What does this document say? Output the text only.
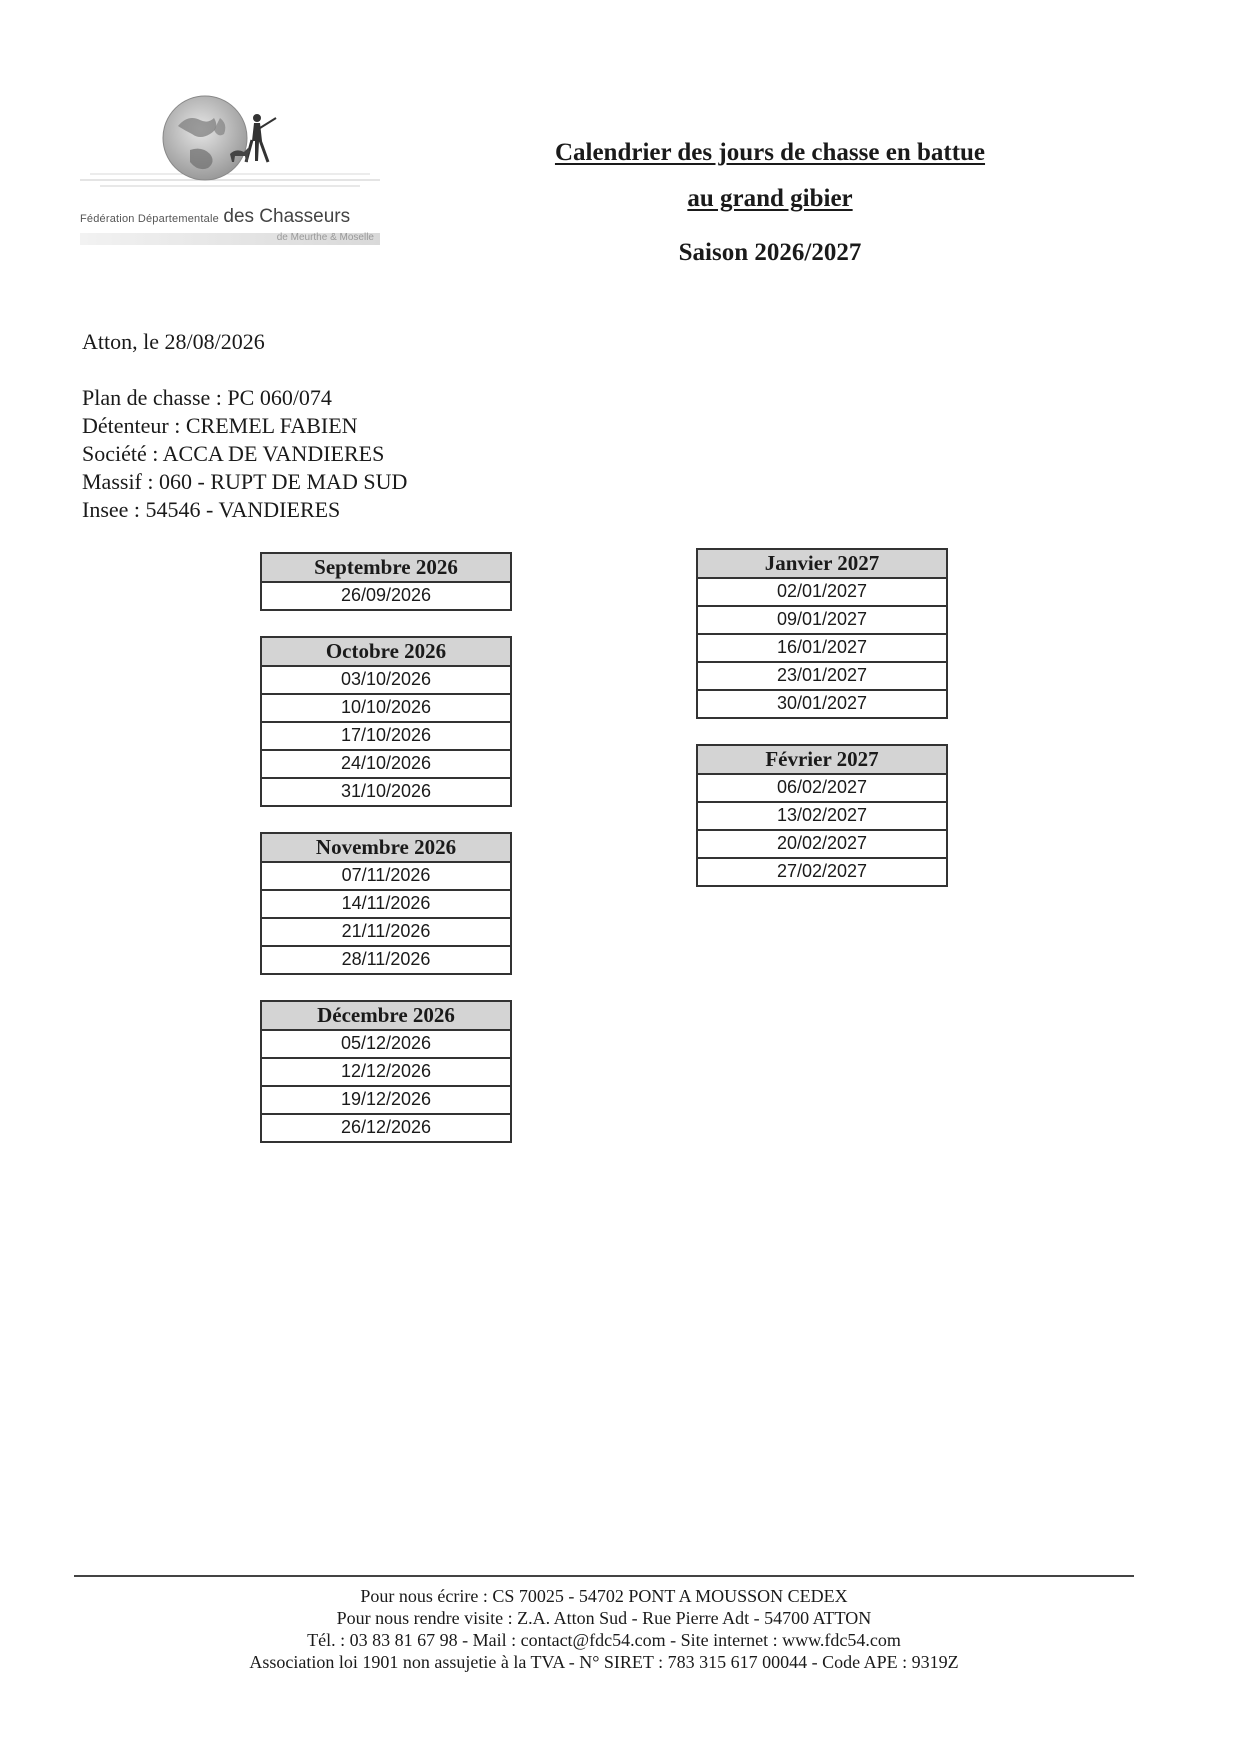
Fédération Départementale des Chasseurs
de Meurthe & Moselle
Calendrier des jours de chasse en battue
au grand gibier
Saison 2026/2027
Atton, le 28/08/2026
Plan de chasse : PC 060/074
Détenteur : CREMEL FABIEN
Société : ACCA DE VANDIERES
Massif : 060 - RUPT DE MAD SUD
Insee : 54546 - VANDIERES
Septembre 2026
26/09/2026
Octobre 2026
03/10/2026
10/10/2026
17/10/2026
24/10/2026
31/10/2026
Novembre 2026
07/11/2026
14/11/2026
21/11/2026
28/11/2026
Décembre 2026
05/12/2026
12/12/2026
19/12/2026
26/12/2026
Janvier 2027
02/01/2027
09/01/2027
16/01/2027
23/01/2027
30/01/2027
Février 2027
06/02/2027
13/02/2027
20/02/2027
27/02/2027
Pour nous écrire : CS 70025 - 54702 PONT A MOUSSON CEDEX
Pour nous rendre visite : Z.A. Atton Sud - Rue Pierre Adt - 54700 ATTON
Tél. : 03 83 81 67 98 - Mail : contact@fdc54.com - Site internet : www.fdc54.com
Association loi 1901 non assujetie à la TVA - N° SIRET : 783 315 617 00044 - Code APE : 9319Z
